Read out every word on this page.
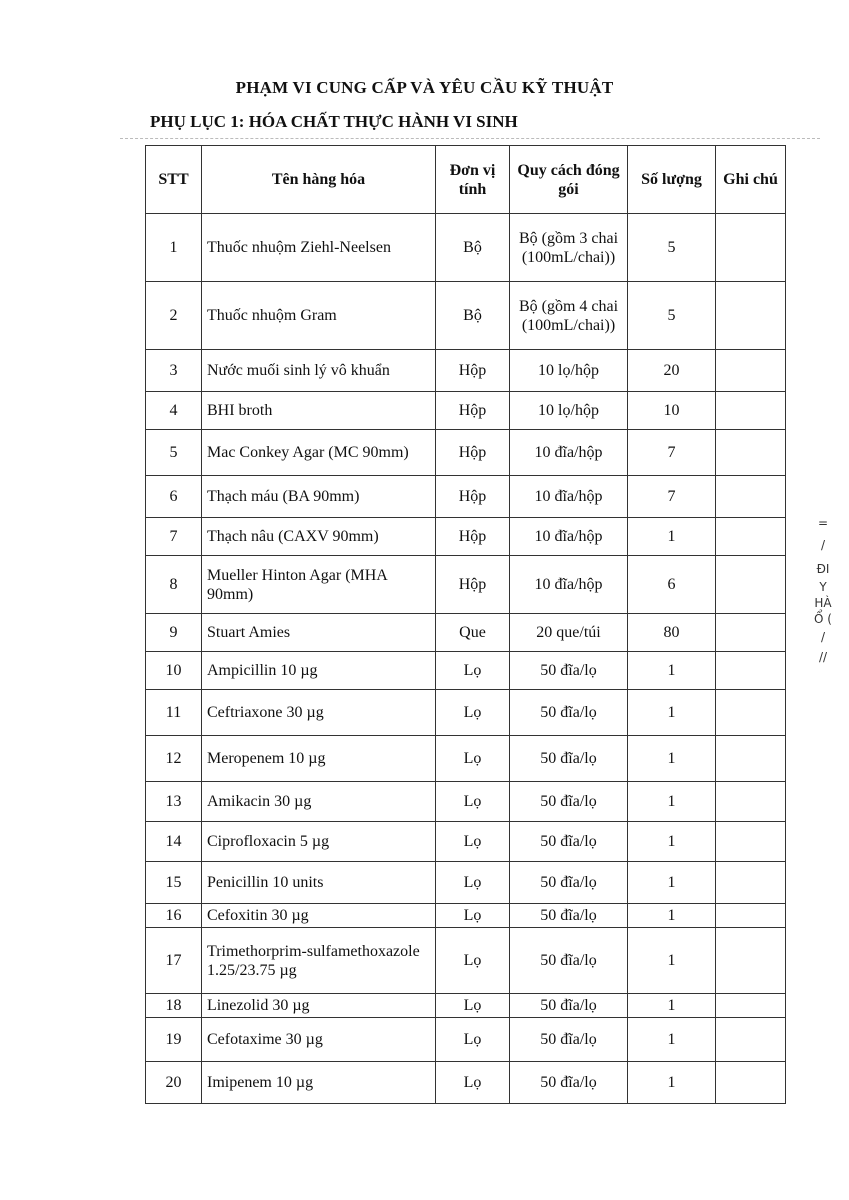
PHẠM VI CUNG CẤP VÀ YÊU CẦU KỸ THUẬT
PHỤ LỤC 1: HÓA CHẤT THỰC HÀNH VI SINH
STT	Tên hàng hóa	Đơn vị tính	Quy cách đóng gói	Số lượng	Ghi chú
1	Thuốc nhuộm Ziehl-Neelsen	Bộ	Bộ (gồm 3 chai (100mL/chai))	5	
2	Thuốc nhuộm Gram	Bộ	Bộ (gồm 4 chai (100mL/chai))	5	
3	Nước muối sinh lý vô khuẩn	Hộp	10 lọ/hộp	20	
4	BHI broth	Hộp	10 lọ/hộp	10	
5	Mac Conkey Agar (MC 90mm)	Hộp	10 đĩa/hộp	7	
6	Thạch máu (BA 90mm)	Hộp	10 đĩa/hộp	7	
7	Thạch nâu (CAXV 90mm)	Hộp	10 đĩa/hộp	1	
8	Mueller Hinton Agar (MHA 90mm)	Hộp	10 đĩa/hộp	6	
9	Stuart Amies	Que	20 que/túi	80	
10	Ampicillin 10 µg	Lọ	50 đĩa/lọ	1	
11	Ceftriaxone 30 µg	Lọ	50 đĩa/lọ	1	
12	Meropenem 10 µg	Lọ	50 đĩa/lọ	1	
13	Amikacin 30 µg	Lọ	50 đĩa/lọ	1	
14	Ciprofloxacin 5 µg	Lọ	50 đĩa/lọ	1	
15	Penicillin 10 units	Lọ	50 đĩa/lọ	1	
16	Cefoxitin 30 µg	Lọ	50 đĩa/lọ	1	
17	Trimethorprim-sulfamethoxazole 1.25/23.75 µg	Lọ	50 đĩa/lọ	1	
18	Linezolid 30 µg	Lọ	50 đĩa/lọ	1	
19	Cefotaxime 30 µg	Lọ	50 đĩa/lọ	1	
20	Imipenem 10 µg	Lọ	50 đĩa/lọ	1	
=
/
ĐI
Y
HÀ
Ổ (
/
//
